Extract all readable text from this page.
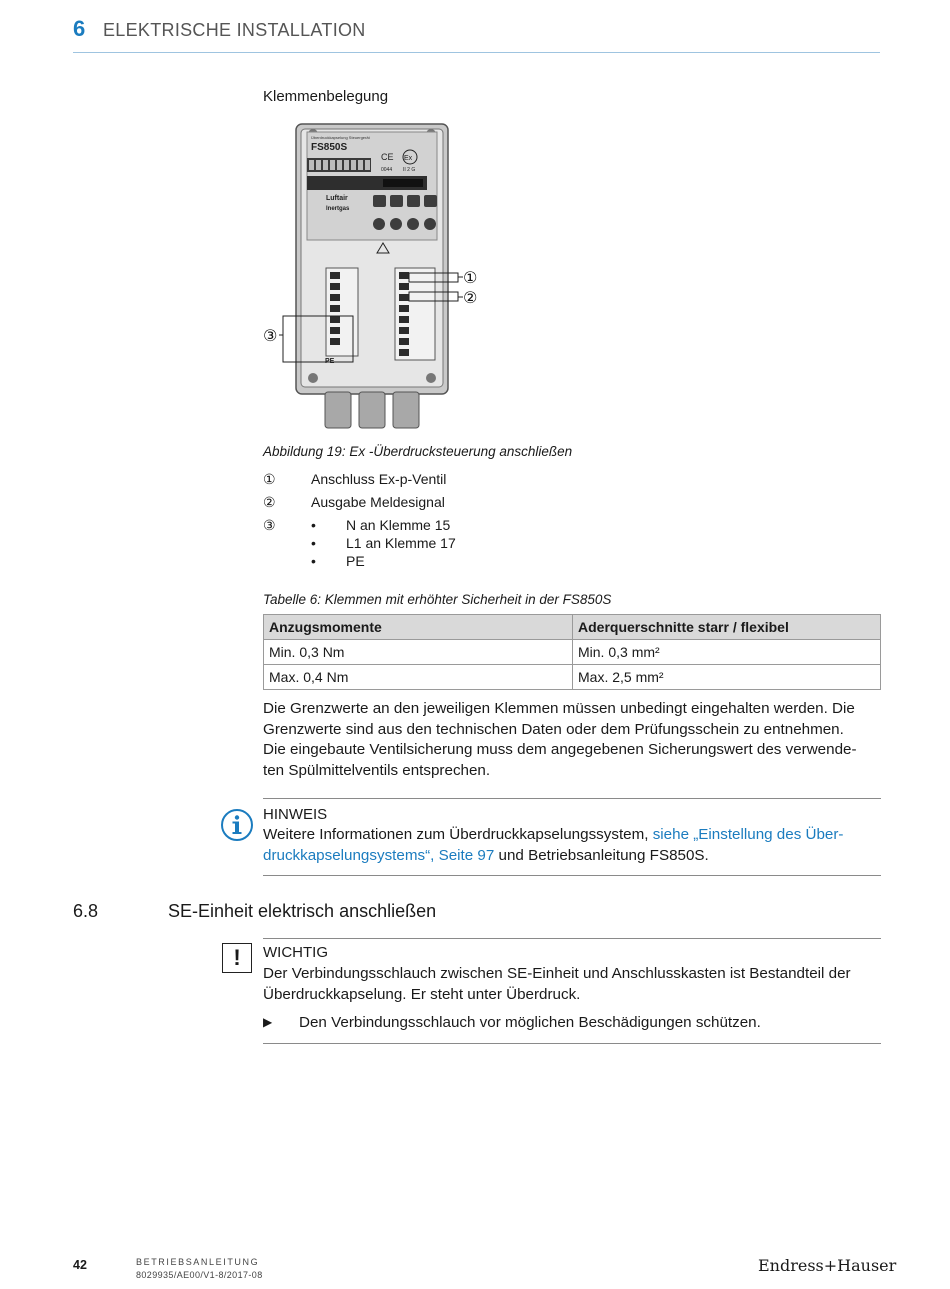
6 ELEKTRISCHE INSTALLATION
Klemmenbelegung
Überdruckkapselung Steuergerät
FS850S
CE Ex
0044 II 2 G
Luftair
Inertgas
PE
①
②
③
Abbildung 19: Ex -Überdrucksteuerung anschließen
①	Anschluss Ex-p-Ventil
②	Ausgabe Meldesignal
③	• N an Klemme 15
• L1 an Klemme 17
• PE
Tabelle 6: Klemmen mit erhöhter Sicherheit in der FS850S
Anzugsmomente	Aderquerschnitte starr / flexibel
Min. 0,3 Nm	Min. 0,3 mm²
Max. 0,4 Nm	Max. 2,5 mm²
Die Grenzwerte an den jeweiligen Klemmen müssen unbedingt eingehalten werden. Die
Grenzwerte sind aus den technischen Daten oder dem Prüfungsschein zu entnehmen.
Die eingebaute Ventilsicherung muss dem angegebenen Sicherungswert des verwende-
ten Spülmittelventils entsprechen.
HINWEIS
Weitere Informationen zum Überdruckkapselungssystem, siehe „Einstellung des Über-
druckkapselungsystems“, Seite 97 und Betriebsanleitung FS850S.
6.8	SE-Einheit elektrisch anschließen
!	WICHTIG
Der Verbindungsschlauch zwischen SE-Einheit und Anschlusskasten ist Bestandteil der
Überdruckkapselung. Er steht unter Überdruck.
▶ Den Verbindungsschlauch vor möglichen Beschädigungen schützen.
42	BETRIEBSANLEITUNG
8029935/AE00/V1-8/2017-08	Endress+Hauser
